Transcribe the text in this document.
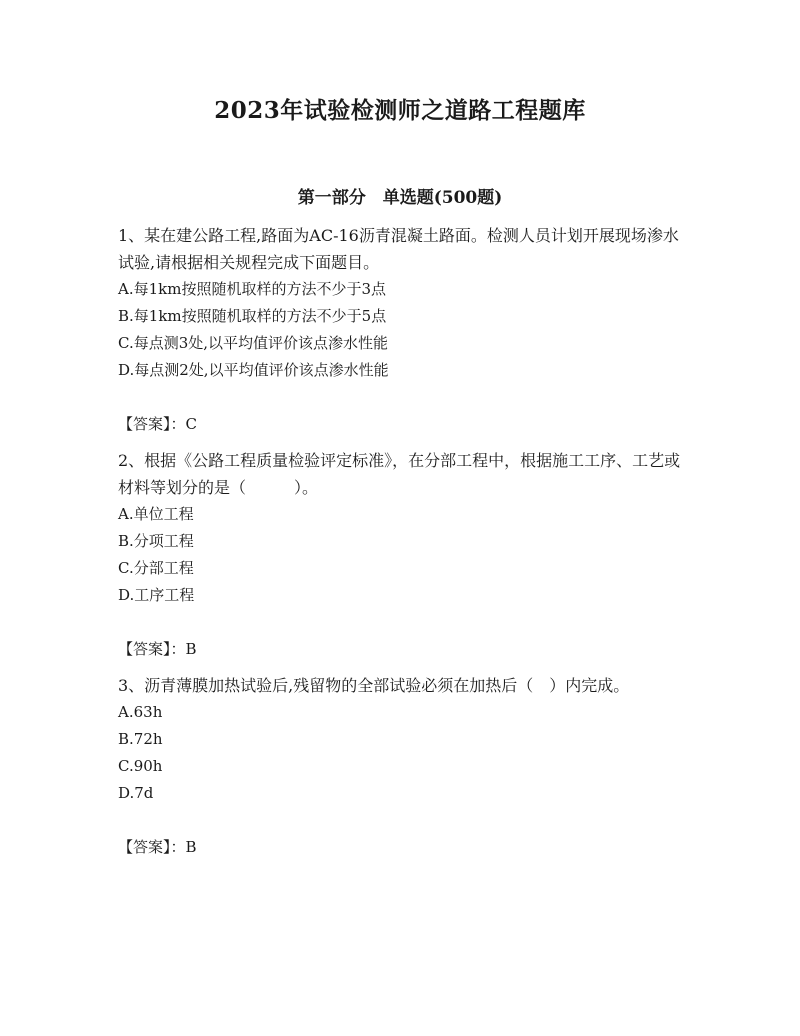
2023年试验检测师之道路工程题库
第一部分　单选题(500题)

1、某在建公路工程,路面为AC-16沥青混凝土路面。检测人员计划开展现场渗水试验,请根据相关规程完成下面题目。

A.每1km按照随机取样的方法不少于3点

B.每1km按照随机取样的方法不少于5点

C.每点测3处,以平均值评价该点渗水性能

D.每点测2处,以平均值评价该点渗水性能

【答案】：C

2、根据《公路工程质量检验评定标准》，在分部工程中，根据施工工序、工艺或材料等划分的是（　　　）。

A.单位工程

B.分项工程

C.分部工程

D.工序工程

【答案】：B

3、沥青薄膜加热试验后,残留物的全部试验必须在加热后（　）内完成。

A.63h

B.72h

C.90h

D.7d

【答案】：B
